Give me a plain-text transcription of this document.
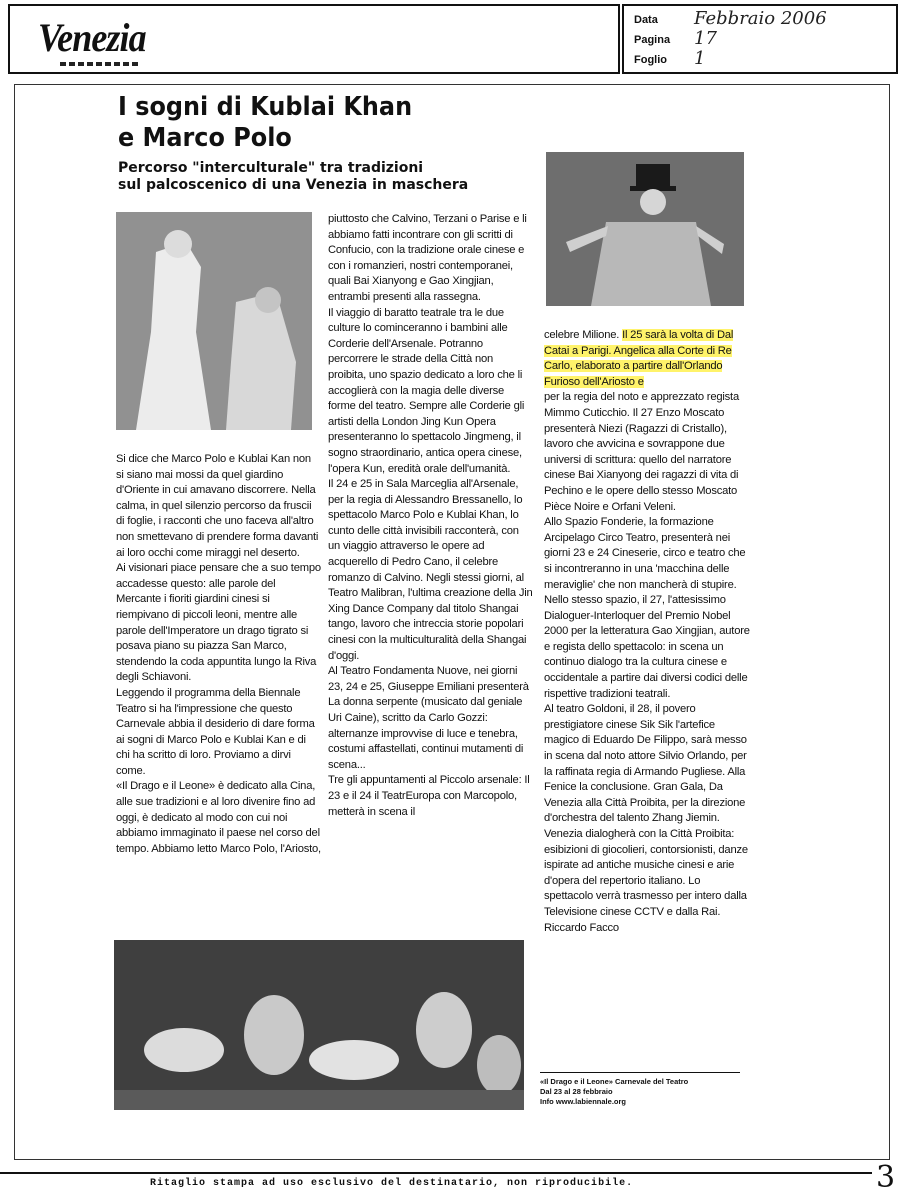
Venezia	Data Febbraio 2006
Pagina 17
Foglio 1
I sogni di Kublai Khan
e Marco Polo
Percorso "interculturale" tra tradizioni
sul palcoscenico di una Venezia in maschera

Si dice che Marco Polo e Kublai Kan non si siano mai mossi da quel giardino d'Oriente in cui amavano discorrere. Nella calma, in quel silenzio percorso da fruscii di foglie, i racconti che uno faceva all'altro non smettevano di prendere forma davanti ai loro occhi come miraggi nel deserto.

Ai visionari piace pensare che a suo tempo accadesse questo: alle parole del Mercante i fioriti giardini cinesi si riempivano di piccoli leoni, mentre alle parole dell'Imperatore un drago tigrato si posava piano su piazza San Marco, stendendo la coda appuntita lungo la Riva degli Schiavoni.

Leggendo il programma della Biennale Teatro si ha l'impressione che questo Carnevale abbia il desiderio di dare forma ai sogni di Marco Polo e Kublai Kan e di chi ha scritto di loro. Proviamo a dirvi come.

«Il Drago e il Leone» è dedicato alla Cina, alle sue tradizioni e al loro divenire fino ad oggi, è dedicato al modo con cui noi abbiamo immaginato il paese nel corso del tempo. Abbiamo letto Marco Polo, l'Ariosto,

piuttosto che Calvino, Terzani o Parise e li abbiamo fatti incontrare con gli scritti di Confucio, con la tradizione orale cinese e con i romanzieri, nostri contemporanei, quali Bai Xianyong e Gao Xingjian, entrambi presenti alla rassegna.

Il viaggio di baratto teatrale tra le due culture lo cominceranno i bambini alle Corderie dell'Arsenale. Potranno percorrere le strade della Città non proibita, uno spazio dedicato a loro che li accoglierà con la magia delle diverse forme del teatro. Sempre alle Corderie gli artisti della London Jing Kun Opera presenteranno lo spettacolo Jingmeng, il sogno straordinario, antica opera cinese, l'opera Kun, eredità orale dell'umanità.

Il 24 e 25 in Sala Marceglia all'Arsenale, per la regia di Alessandro Bressanello, lo spettacolo Marco Polo e Kublai Khan, lo cunto delle città invisibili racconterà, con un viaggio attraverso le opere ad acquerello di Pedro Cano, il celebre romanzo di Calvino. Negli stessi giorni, al Teatro Malibran, l'ultima creazione della Jin Xing Dance Company dal titolo Shangai tango, lavoro che intreccia storie popolari cinesi con la multiculturalità della Shangai d'oggi.

Al Teatro Fondamenta Nuove, nei giorni 23, 24 e 25, Giuseppe Emiliani presenterà La donna serpente (musicato dal geniale Uri Caine), scritto da Carlo Gozzi: alternanze improvvise di luce e tenebra, costumi affastellati, continui mutamenti di scena...

Tre gli appuntamenti al Piccolo arsenale: Il 23 e il 24 il TeatrEuropa con Marcopolo, metterà in scena il

celebre Milione. Il 25 sarà la volta di Dal Catai a Parigi. Angelica alla Corte di Re Carlo, elaborato a partire dall'Orlando Furioso dell'Ariosto e

per la regia del noto e apprezzato regista Mimmo Cuticchio. Il 27 Enzo Moscato presenterà Niezi (Ragazzi di Cristallo), lavoro che avvicina e sovrappone due universi di scrittura: quello del narratore cinese Bai Xianyong dei ragazzi di vita di Pechino e le opere dello stesso Moscato Pièce Noire e Orfani Veleni.

Allo Spazio Fonderie, la formazione Arcipelago Circo Teatro, presenterà nei giorni 23 e 24 Cineserie, circo e teatro che si incontreranno in una 'macchina delle meraviglie' che non mancherà di stupire. Nello stesso spazio, il 27, l'attesissimo Dialoguer-Interloquer del Premio Nobel 2000 per la letteratura Gao Xingjian, autore e regista dello spettacolo: in scena un continuo dialogo tra la cultura cinese e occidentale a partire dai diversi codici delle rispettive tradizioni teatrali.

Al teatro Goldoni, il 28, il povero prestigiatore cinese Sik Sik l'artefice magico di Eduardo De Filippo, sarà messo in scena dal noto attore Silvio Orlando, per la raffinata regia di Armando Pugliese. Alla Fenice la conclusione. Gran Gala, Da Venezia alla Città Proibita, per la direzione d'orchestra del talento Zhang Jiemin. Venezia dialogherà con la Città Proibita: esibizioni di giocolieri, contorsionisti, danze ispirate ad antiche musiche cinesi e arie d'opera del repertorio italiano. Lo spettacolo verrà trasmesso per intero dalla Televisione cinese CCTV e dalla Rai. Riccardo Facco

«Il Drago e il Leone» Carnevale del Teatro
Dal 23 al 28 febbraio
Info www.labiennale.org
Ritaglio stampa ad uso esclusivo del destinatario, non riproducibile.	3
